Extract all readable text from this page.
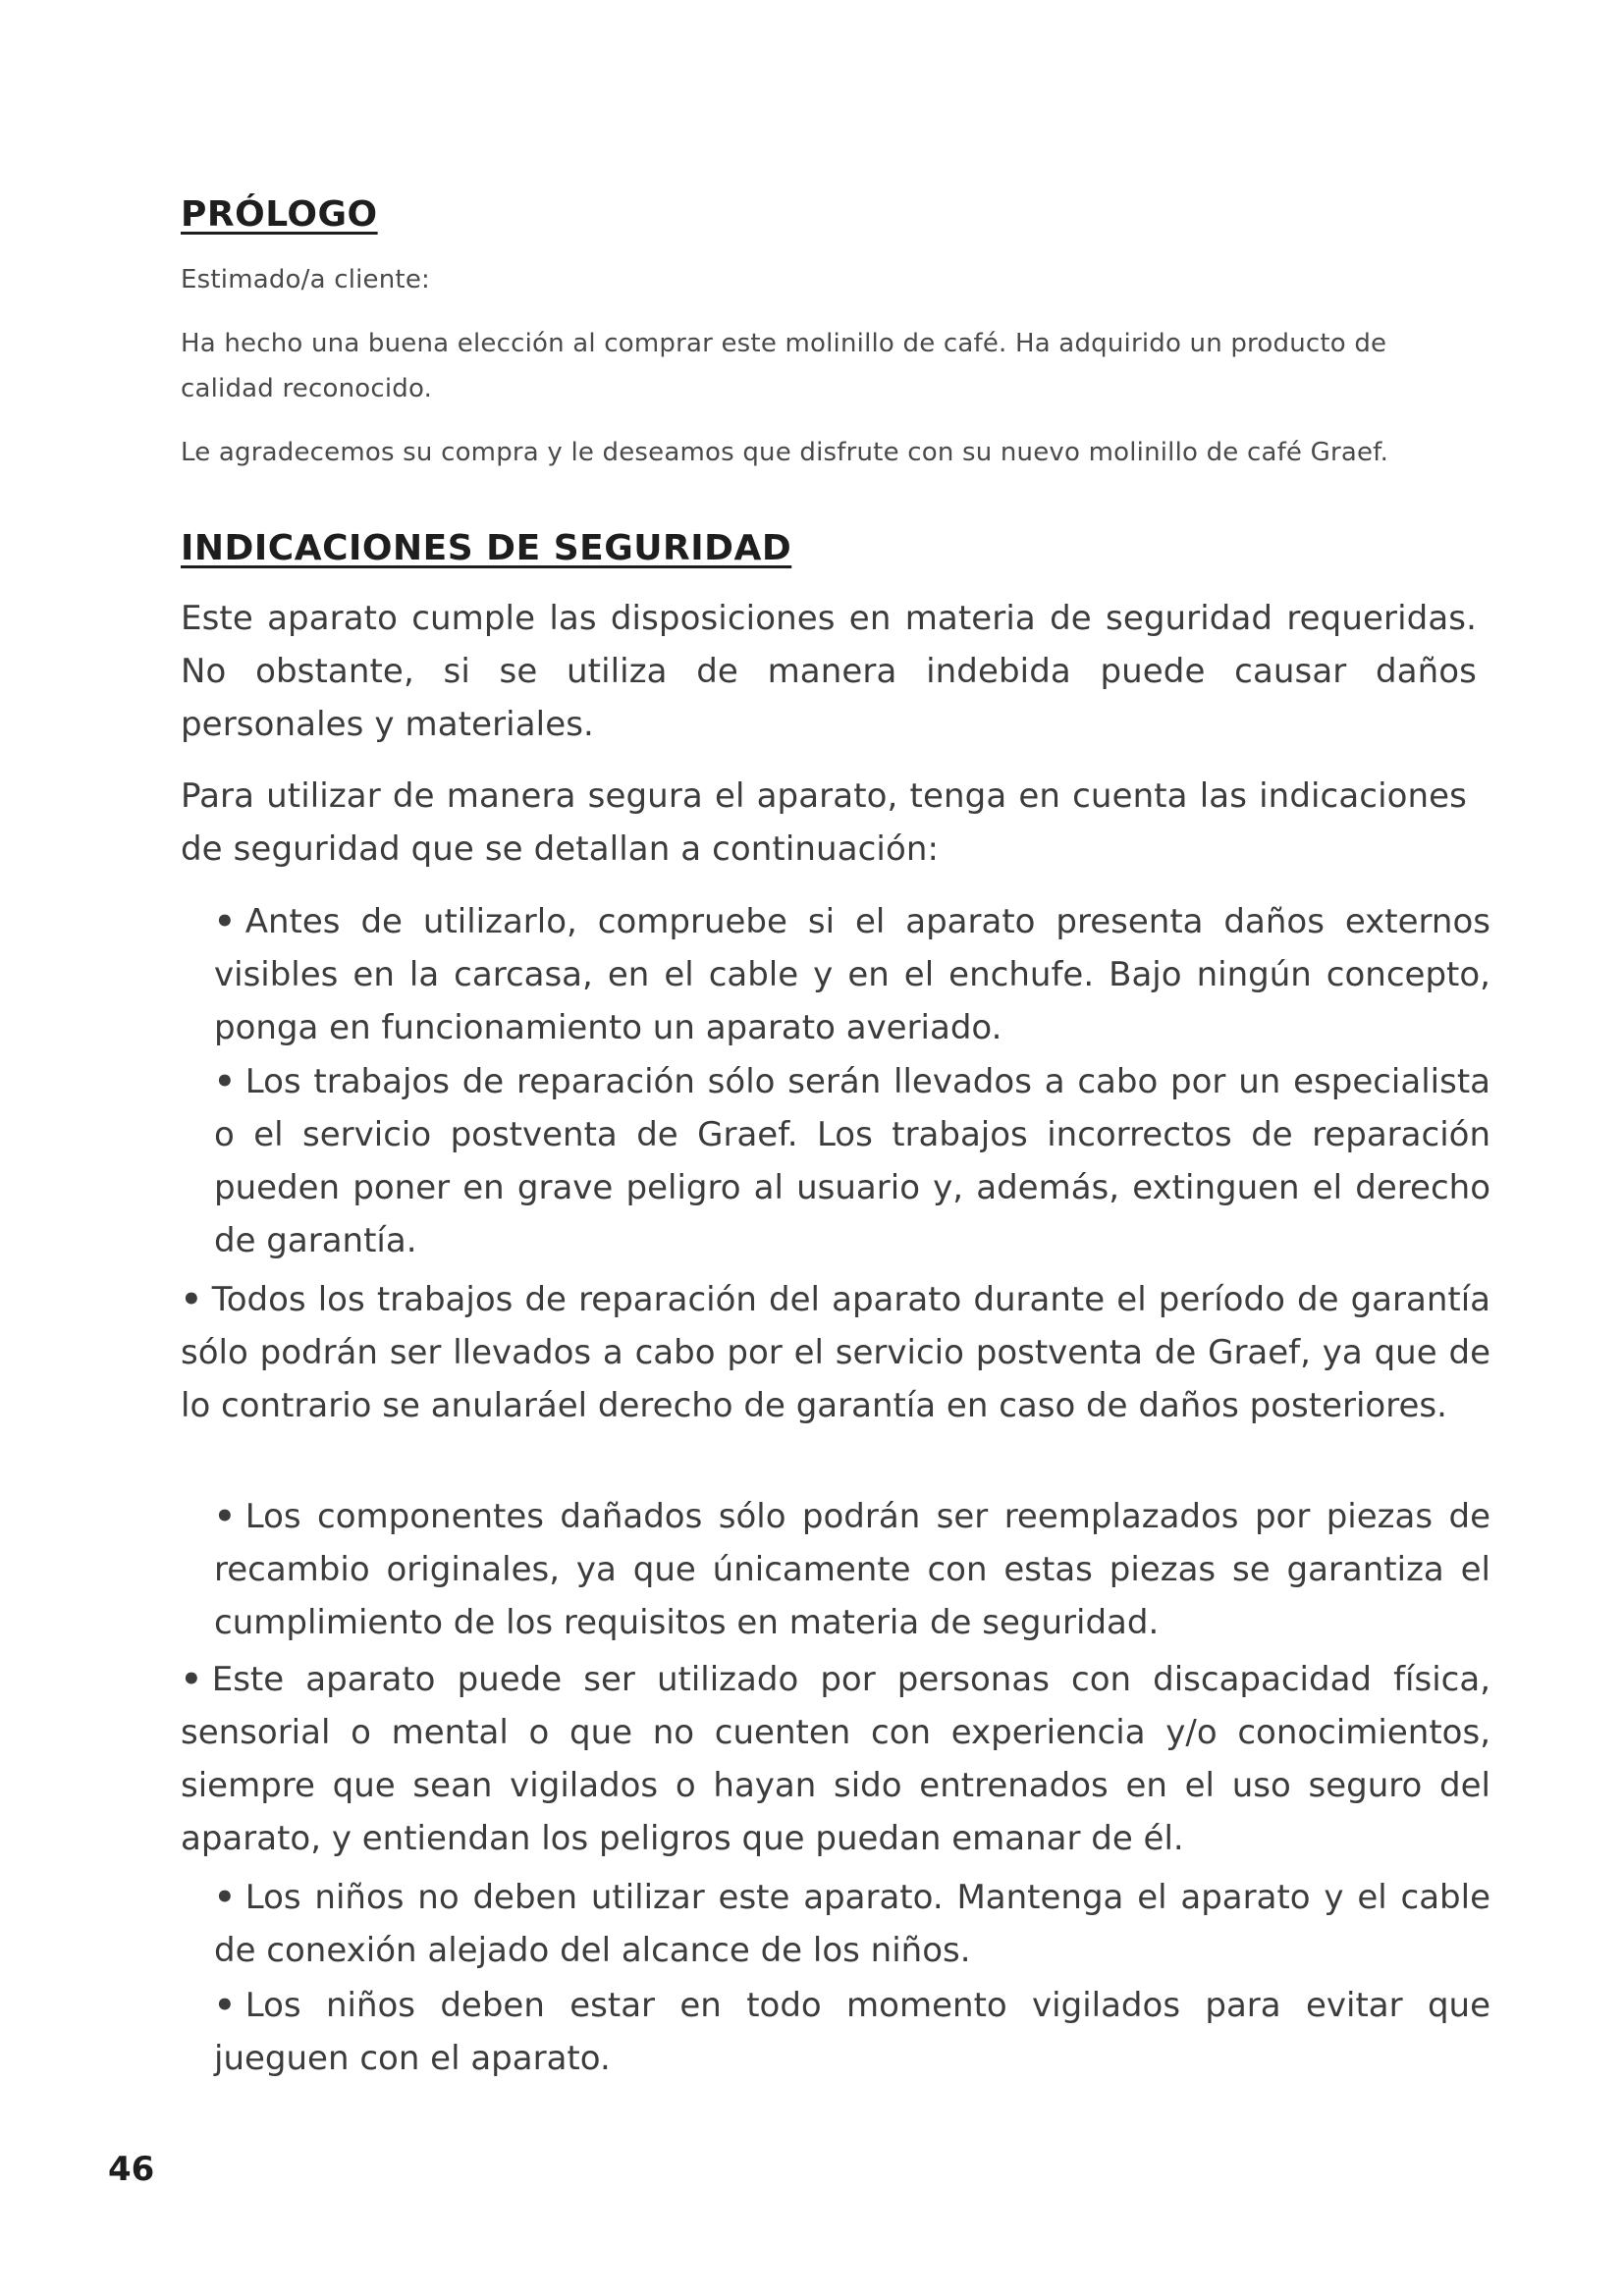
PRÓLOGO

Estimado/a cliente:

Ha hecho una buena elección al comprar este molinillo de café. Ha adquirido un producto de calidad reconocido.

Le agradecemos su compra y le deseamos que disfrute con su nuevo molinillo de café Graef.

INDICACIONES DE SEGURIDAD

Este aparato cumple las disposiciones en materia de seguridad requeridas. No obstante, si se utiliza de manera indebida puede causar daños personales y materiales.

Para utilizar de manera segura el aparato, tenga en cuenta las indicaciones de seguridad que se detallan a continuación:

• Antes de utilizarlo, compruebe si el aparato presenta daños externos visibles en la carcasa, en el cable y en el enchufe. Bajo ningún concepto, ponga en funcionamiento un aparato averiado.

• Los trabajos de reparación sólo serán llevados a cabo por un especialista o el servicio postventa de Graef. Los trabajos incorrectos de reparación pueden poner en grave peligro al usuario y, además, extinguen el derecho de garantía.

• Todos los trabajos de reparación del aparato durante el período de garantía sólo podrán ser llevados a cabo por el servicio postventa de Graef, ya que de lo contrario se anularáel derecho de garantía en caso de daños posteriores.

• Los componentes dañados sólo podrán ser reemplazados por piezas de recambio originales, ya que únicamente con estas piezas se garantiza el cumplimiento de los requisitos en materia de seguridad.

• Este aparato puede ser utilizado por personas con discapacidad física, sensorial o mental o que no cuenten con experiencia y/o conocimientos, siempre que sean vigilados o hayan sido entrenados en el uso seguro del aparato, y entiendan los peligros que puedan emanar de él.

• Los niños no deben utilizar este aparato. Mantenga el aparato y el cable de conexión alejado del alcance de los niños.

• Los niños deben estar en todo momento vigilados para evitar que jueguen con el aparato.

46
